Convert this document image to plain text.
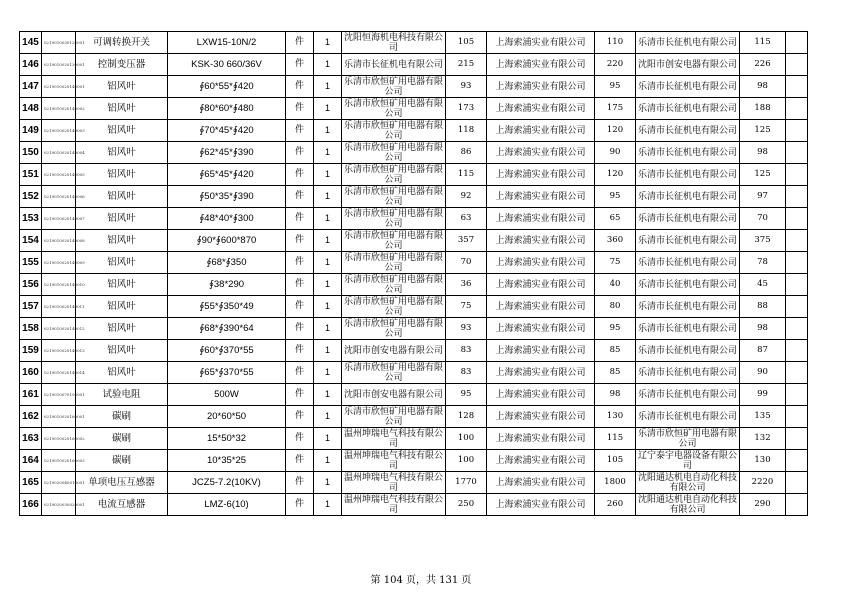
145	0219010030120001	可调转换开关	LXW15-10N/2	件	1	沈阳恒海机电科技有限公司	105	上海索浦实业有限公司	110	乐清市长征机电有限公司	115	
146	0219010020130001	控制变压器	KSK-30 660/36V	件	1	乐清市长征机电有限公司	215	上海索浦实业有限公司	220	沈阳市创安电器有限公司	226	
147	0219010020140001	铝风叶	∮60*55*∮420	件	1	乐清市欣恒矿用电器有限公司	93	上海索浦实业有限公司	95	乐清市长征机电有限公司	98	
148	0219010020140002	铝风叶	∮80*60*∮480	件	1	乐清市欣恒矿用电器有限公司	173	上海索浦实业有限公司	175	乐清市长征机电有限公司	188	
149	0219010020140003	铝风叶	∮70*45*∮420	件	1	乐清市欣恒矿用电器有限公司	118	上海索浦实业有限公司	120	乐清市长征机电有限公司	125	
150	0219010020140004	铝风叶	∮62*45*∮390	件	1	乐清市欣恒矿用电器有限公司	86	上海索浦实业有限公司	90	乐清市长征机电有限公司	98	
151	0219010020140005	铝风叶	∮65*45*∮420	件	1	乐清市欣恒矿用电器有限公司	115	上海索浦实业有限公司	120	乐清市长征机电有限公司	125	
152	0219010020140006	铝风叶	∮50*35*∮390	件	1	乐清市欣恒矿用电器有限公司	92	上海索浦实业有限公司	95	乐清市长征机电有限公司	97	
153	0219010020140007	铝风叶	∮48*40*∮300	件	1	乐清市欣恒矿用电器有限公司	63	上海索浦实业有限公司	65	乐清市长征机电有限公司	70	
154	0219010020140008	铝风叶	∮90*∮600*870	件	1	乐清市欣恒矿用电器有限公司	357	上海索浦实业有限公司	360	乐清市长征机电有限公司	375	
155	0219010020140009	铝风叶	∮68*∮350	件	1	乐清市欣恒矿用电器有限公司	70	上海索浦实业有限公司	75	乐清市长征机电有限公司	78	
156	0219010020140010	铝风叶	∮38*290	件	1	乐清市欣恒矿用电器有限公司	36	上海索浦实业有限公司	40	乐清市长征机电有限公司	45	
157	0219010020140011	铝风叶	∮55*∮350*49	件	1	乐清市欣恒矿用电器有限公司	75	上海索浦实业有限公司	80	乐清市长征机电有限公司	88	
158	0219010020140012	铝风叶	∮68*∮390*64	件	1	乐清市欣恒矿用电器有限公司	93	上海索浦实业有限公司	95	乐清市长征机电有限公司	98	
159	0219010020140013	铝风叶	∮60*∮370*55	件	1	沈阳市创安电器有限公司	83	上海索浦实业有限公司	85	乐清市长征机电有限公司	87	
160	0219010020140014	铝风叶	∮65*∮370*55	件	1	乐清市欣恒矿用电器有限公司	83	上海索浦实业有限公司	85	乐清市长征机电有限公司	90	
161	0219010070150001	试验电阻	500W	件	1	沈阳市创安电器有限公司	95	上海索浦实业有限公司	98	乐清市长征机电有限公司	99	
162	0219010020160001	碳刷	20*60*50	件	1	乐清市欣恒矿用电器有限公司	128	上海索浦实业有限公司	130	乐清市长征机电有限公司	135	
163	0219010020160002	碳刷	15*50*32	件	1	温州坤瑞电气科技有限公司	100	上海索浦实业有限公司	115	乐清市欣恒矿用电器有限公司	132	
164	0219010020160003	碳刷	10*35*25	件	1	温州坤瑞电气科技有限公司	100	上海索浦实业有限公司	105	辽宁泰宇电器设备有限公司	130	
165	0219020040010001	单项电压互感器	JCZ5-7.2(10KV)	件	1	温州坤瑞电气科技有限公司	1770	上海索浦实业有限公司	1800	沈阳通达机电自动化科技有限公司	2220	
166	0219020030020001	电流互感器	LMZ-6(10)	件	1	温州坤瑞电气科技有限公司	250	上海索浦实业有限公司	260	沈阳通达机电自动化科技有限公司	290	
第 104 页，共 131 页
